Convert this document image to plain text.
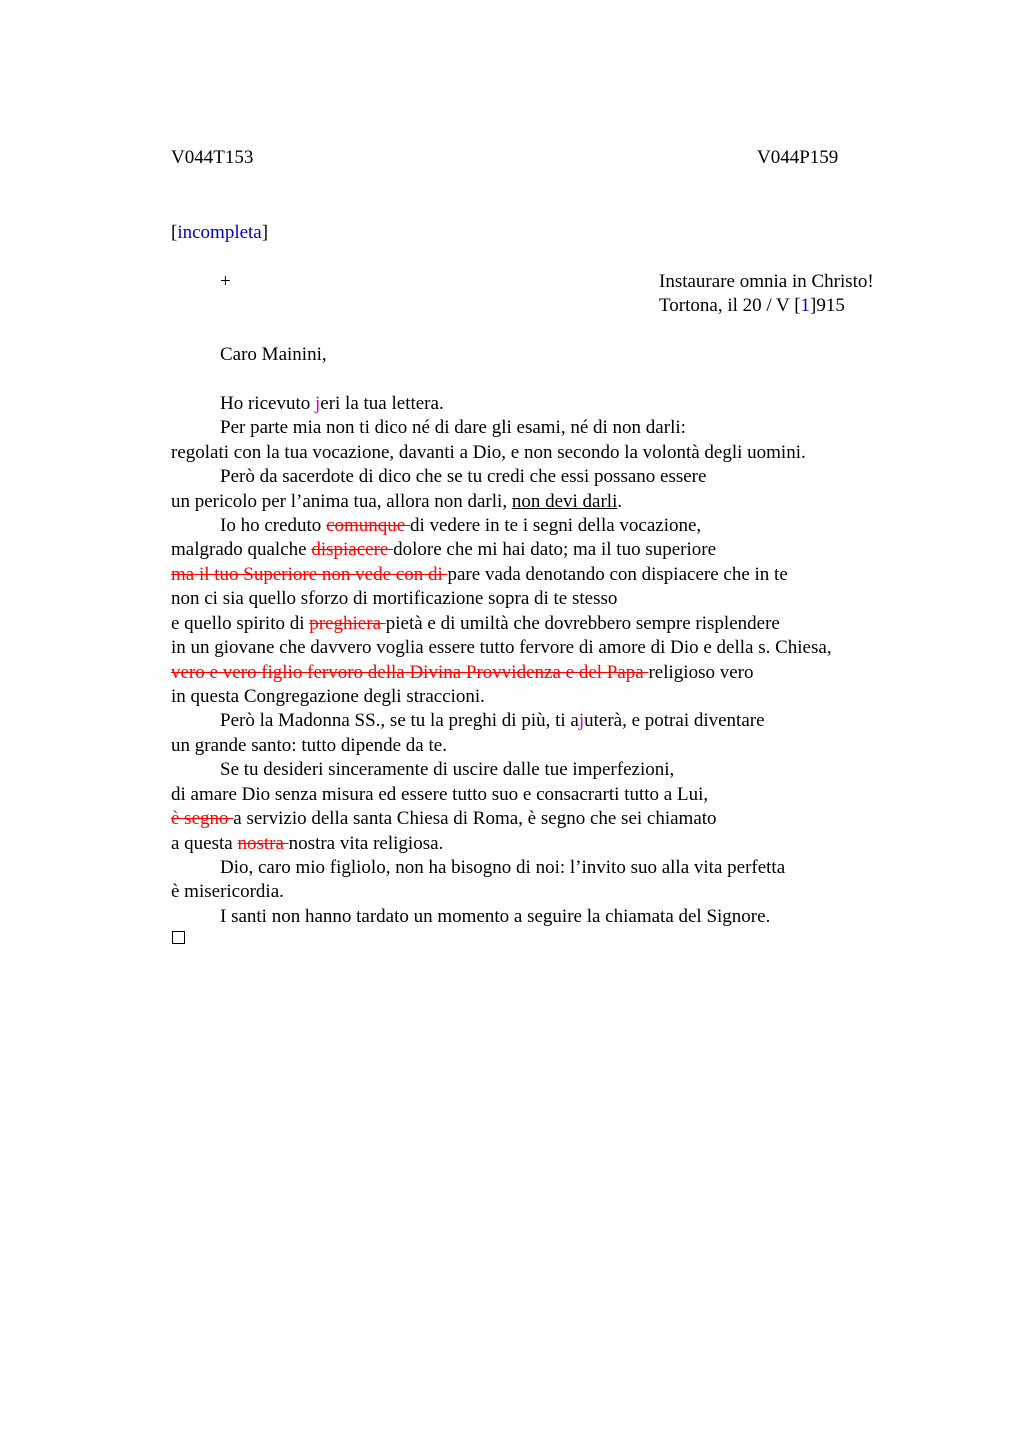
V044T153	V044P159
[incompleta]
+	Instaurare omnia in Christo!
Tortona, il 20 / V [1]915
Caro Mainini,
Ho ricevuto jeri la tua lettera.
Per parte mia non ti dico né di dare gli esami, né di non darli:
regolati con la tua vocazione, davanti a Dio, e non secondo la volontà degli uomini.
Però da sacerdote di dico che se tu credi che essi possano essere
un pericolo per l’anima tua, allora non darli, non devi darli.
Io ho creduto comunque di vedere in te i segni della vocazione,
malgrado qualche dispiacere dolore che mi hai dato; ma il tuo superiore
ma il tuo Superiore non vede con di pare vada denotando con dispiacere che in te
non ci sia quello sforzo di mortificazione sopra di te stesso
e quello spirito di preghiera pietà e di umiltà che dovrebbero sempre risplendere
in un giovane che davvero voglia essere tutto fervore di amore di Dio e della s. Chiesa,
vero e vero figlio fervoro della Divina Provvidenza e del Papa religioso vero
in questa Congregazione degli straccioni.
Però la Madonna SS., se tu la preghi di più, ti ajuterà, e potrai diventare
un grande santo: tutto dipende da te.
Se tu desideri sinceramente di uscire dalle tue imperfezioni,
di amare Dio senza misura ed essere tutto suo e consacrarti tutto a Lui,
è segno a servizio della santa Chiesa di Roma, è segno che sei chiamato
a questa nostra nostra vita religiosa.
Dio, caro mio figliolo, non ha bisogno di noi: l’invito suo alla vita perfetta
è misericordia.
I santi non hanno tardato un momento a seguire la chiamata del Signore.
